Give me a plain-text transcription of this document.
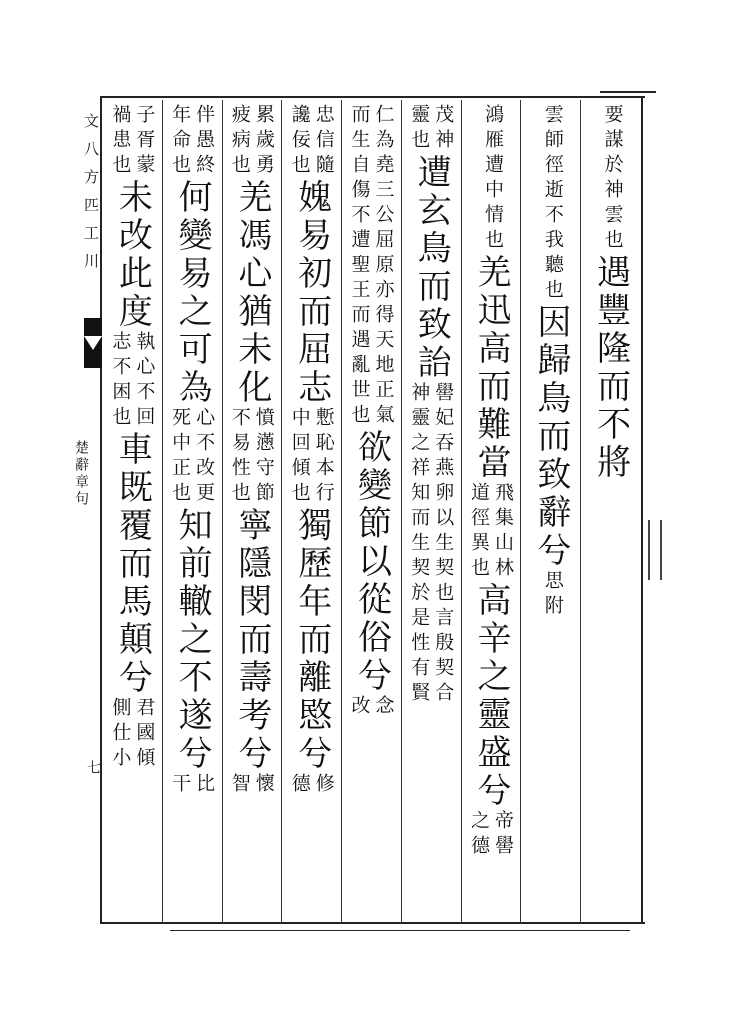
文
八
方
匹
工
川
楚辭章句
七
要謀於神雲也
遇豐隆而不將
雲師徑逝不我聽也
因歸鳥而致辭兮
思附
鴻雁遭中情也
羌迅高而難當
飛集山林
道徑異也
高辛之靈盛兮
帝嚳
之德
茂神
靈也
遭玄鳥而致詒
嚳妃吞燕卵以生契也言殷契合
神靈之祥知而生契於是性有賢
仁為堯三公屈原亦得天地正氣
而生自傷不遭聖王而遇亂世也
欲變節以從俗兮
念
改
忠信隨
讒佞也
媿易初而屈志
慙恥本行
中回傾也
獨歷年而離愍兮
修
德
累歲勇
疲病也
羌馮心猶未化
憤懣守節
不易性也
寧隱閔而壽考兮
懷
智
伴愚終
年命也
何變易之可為
心不改更
死中正也
知前轍之不遂兮
比
干
子胥蒙
禍患也
未改此度
執心不回
志不困也
車既覆而馬顛兮
君國傾
側仕小
